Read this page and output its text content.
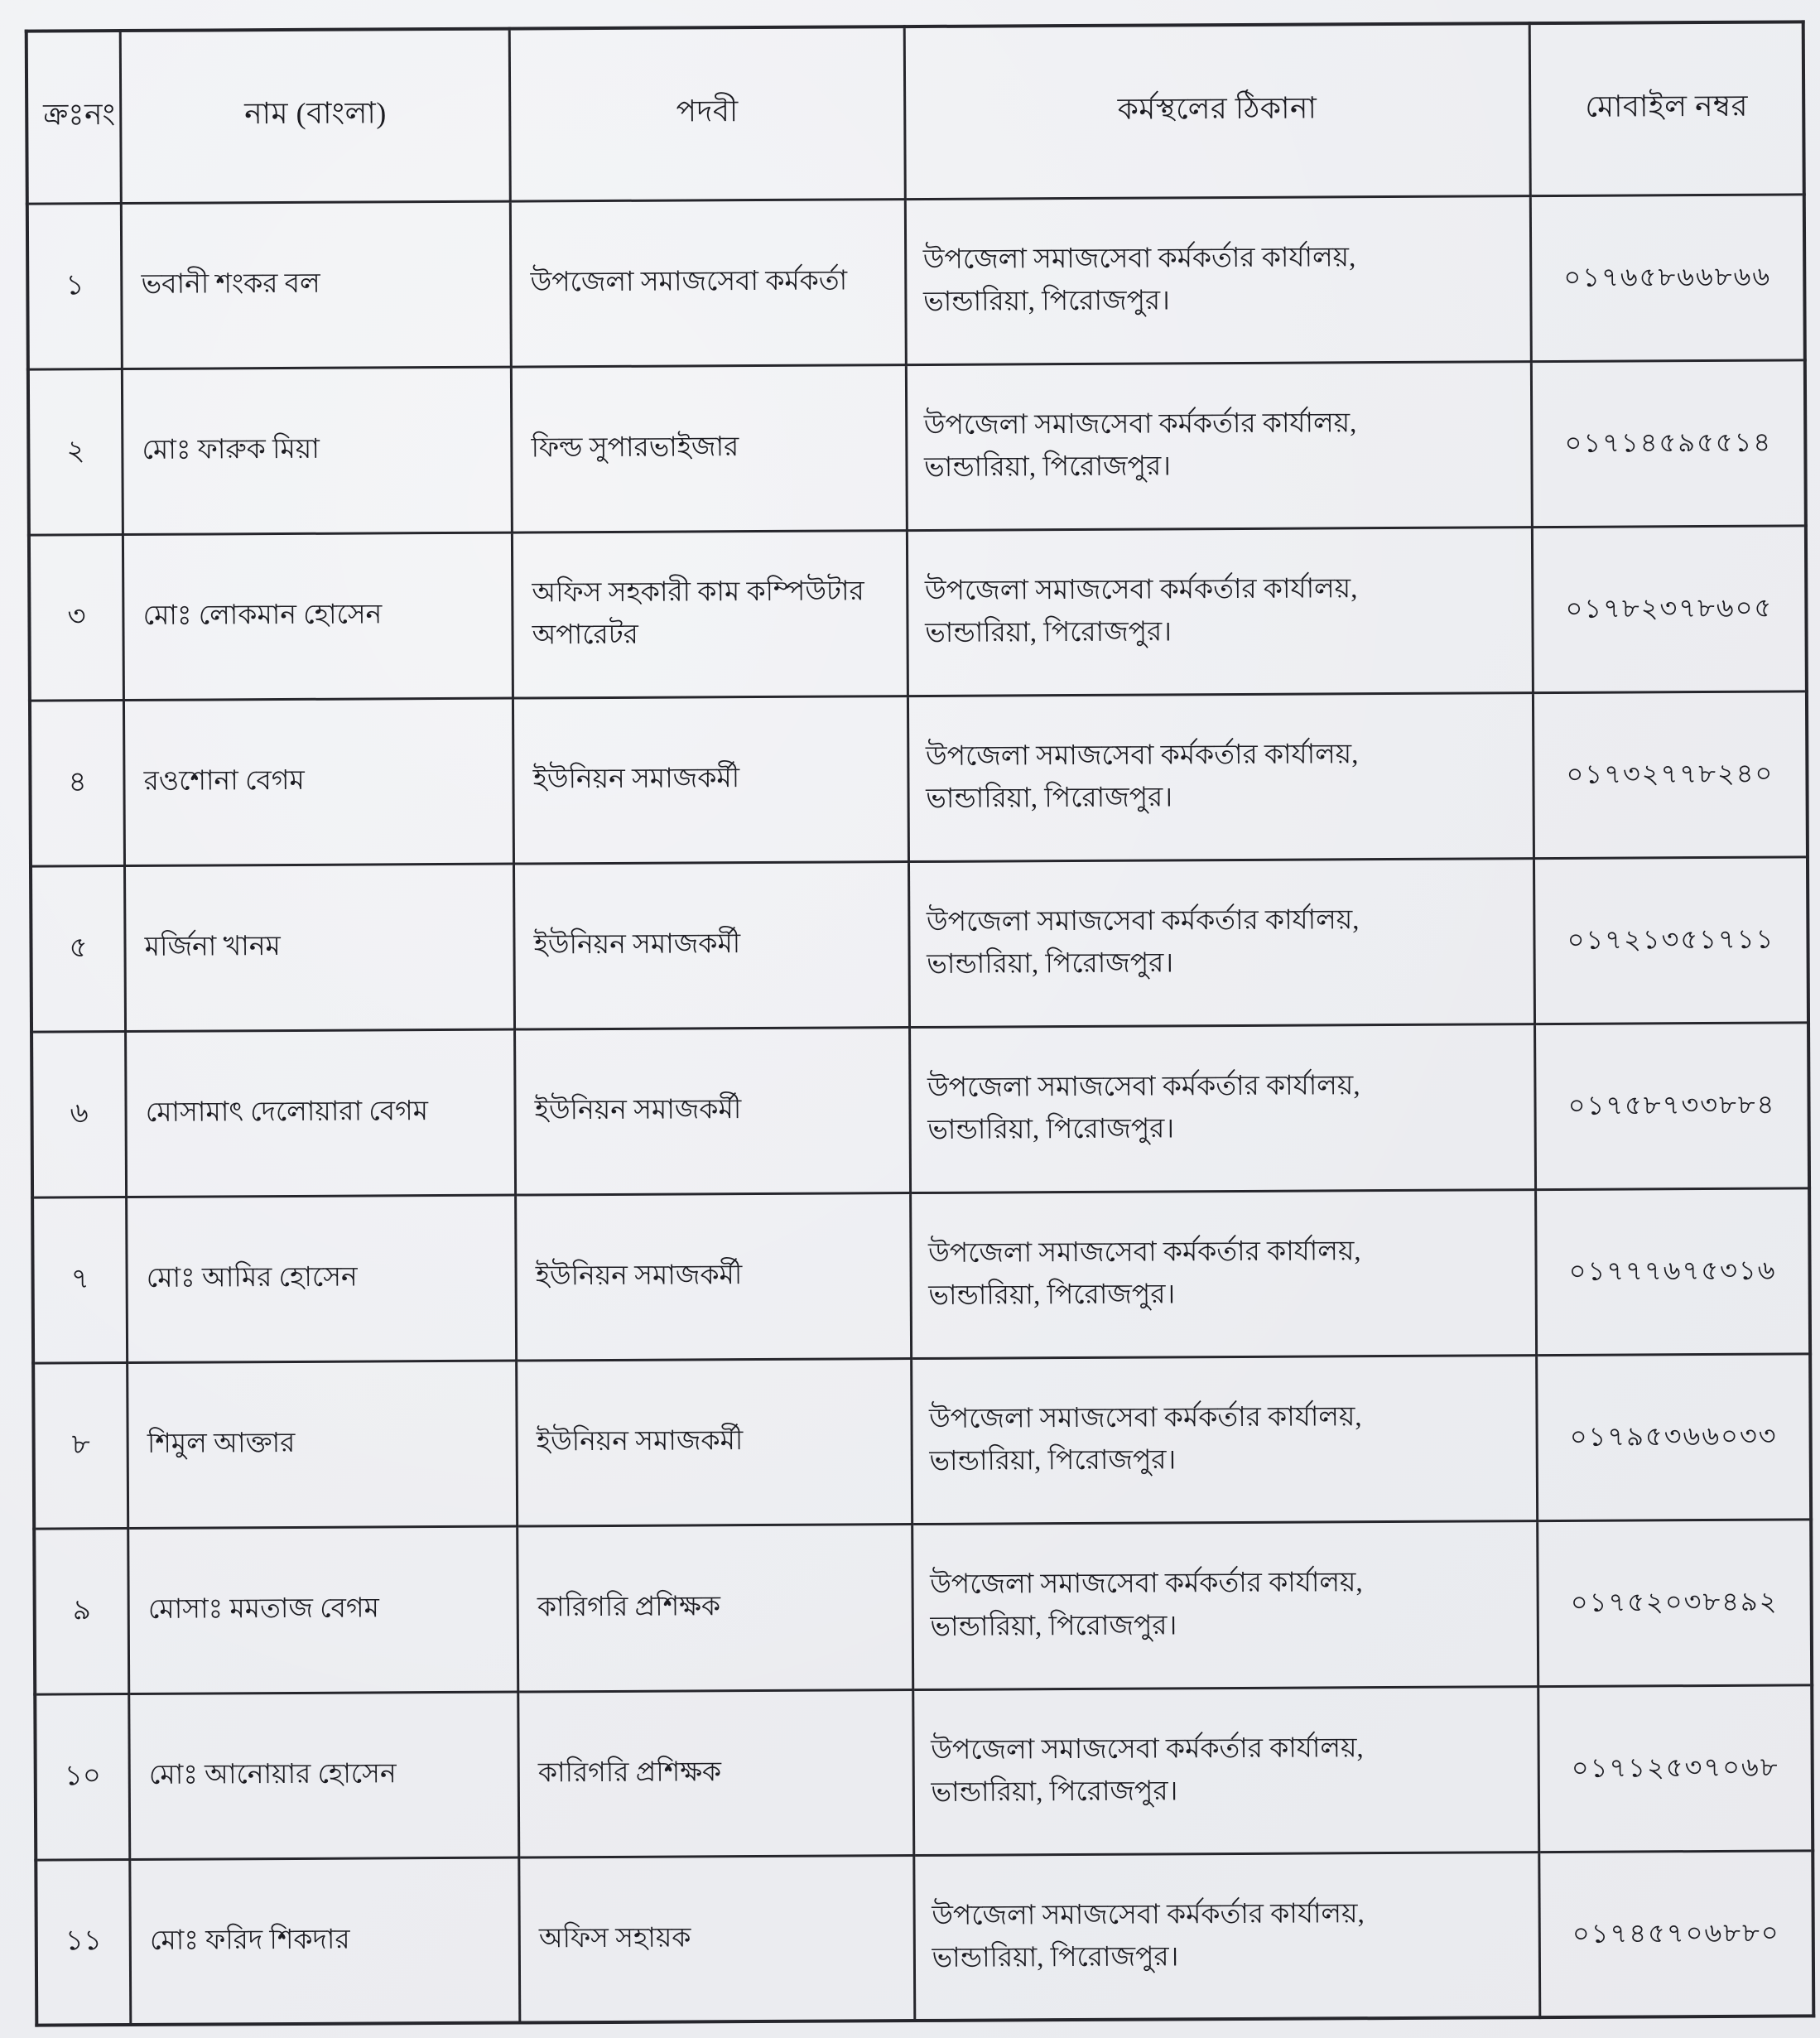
ক্রঃনং	নাম (বাংলা)	পদবী	কর্মস্থলের ঠিকানা	মোবাইল নম্বর
১	ভবানী শংকর বল	উপজেলা সমাজসেবা কর্মকর্তা	উপজেলা সমাজসেবা কর্মকর্তার কার্যালয়, ভান্ডারিয়া, পিরোজপুর।	০১৭৬৫৮৬৬৮৬৬
২	মোঃ ফারুক মিয়া	ফিল্ড সুপারভাইজার	উপজেলা সমাজসেবা কর্মকর্তার কার্যালয়, ভান্ডারিয়া, পিরোজপুর।	০১৭১৪৫৯৫৫১৪
৩	মোঃ লোকমান হোসেন	অফিস সহকারী কাম কম্পিউটার অপারেটর	উপজেলা সমাজসেবা কর্মকর্তার কার্যালয়, ভান্ডারিয়া, পিরোজপুর।	০১৭৮২৩৭৮৬০৫
৪	রওশোনা বেগম	ইউনিয়ন সমাজকর্মী	উপজেলা সমাজসেবা কর্মকর্তার কার্যালয়, ভান্ডারিয়া, পিরোজপুর।	০১৭৩২৭৭৮২৪০
৫	মর্জিনা খানম	ইউনিয়ন সমাজকর্মী	উপজেলা সমাজসেবা কর্মকর্তার কার্যালয়, ভান্ডারিয়া, পিরোজপুর।	০১৭২১৩৫১৭১১
৬	মোসামাৎ দেলোয়ারা বেগম	ইউনিয়ন সমাজকর্মী	উপজেলা সমাজসেবা কর্মকর্তার কার্যালয়, ভান্ডারিয়া, পিরোজপুর।	০১৭৫৮৭৩৩৮৮৪
৭	মোঃ আমির হোসেন	ইউনিয়ন সমাজকর্মী	উপজেলা সমাজসেবা কর্মকর্তার কার্যালয়, ভান্ডারিয়া, পিরোজপুর।	০১৭৭৭৬৭৫৩১৬
৮	শিমুল আক্তার	ইউনিয়ন সমাজকর্মী	উপজেলা সমাজসেবা কর্মকর্তার কার্যালয়, ভান্ডারিয়া, পিরোজপুর।	০১৭৯৫৩৬৬০৩৩
৯	মোসাঃ মমতাজ বেগম	কারিগরি প্রশিক্ষক	উপজেলা সমাজসেবা কর্মকর্তার কার্যালয়, ভান্ডারিয়া, পিরোজপুর।	০১৭৫২০৩৮৪৯২
১০	মোঃ আনোয়ার হোসেন	কারিগরি প্রশিক্ষক	উপজেলা সমাজসেবা কর্মকর্তার কার্যালয়, ভান্ডারিয়া, পিরোজপুর।	০১৭১২৫৩৭০৬৮
১১	মোঃ ফরিদ শিকদার	অফিস সহায়ক	উপজেলা সমাজসেবা কর্মকর্তার কার্যালয়, ভান্ডারিয়া, পিরোজপুর।	০১৭৪৫৭০৬৮৮০
